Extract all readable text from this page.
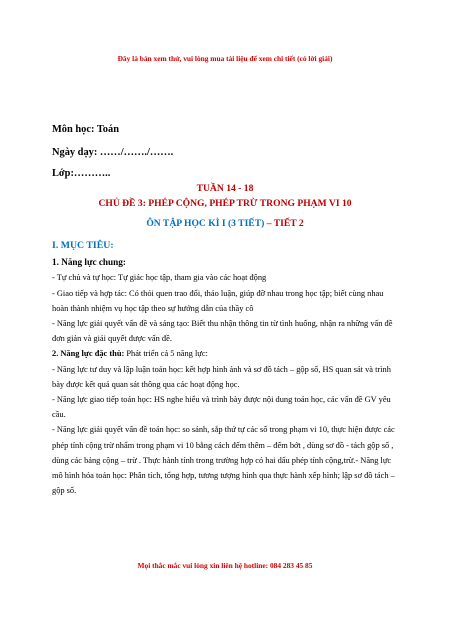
Đây là bản xem thử, vui lòng mua tài liệu để xem chi tiết (có lời giải)
Môn học: Toán
Ngày dạy: ……/……./…….
Lớp:………..
TUẦN 14 - 18
CHỦ ĐỀ 3: PHÉP CỘNG, PHÉP TRỪ TRONG PHẠM VI 10
ÔN TẬP HỌC KÌ I (3 TIẾT) – TIẾT 2

I. MỤC TIÊU:

1. Năng lực chung:

- Tự chủ và tự học: Tự giác học tập, tham gia vào các hoạt động

- Giao tiếp và hợp tác: Có thói quen trao đổi, thảo luận, giúp đỡ nhau trong học tập; biết cùng nhau hoàn thành nhiệm vụ học tập theo sự hướng dẫn của thầy cô

- Năng lực giải quyết vấn đề và sáng tạo: Biết thu nhận thông tin từ tình huống, nhận ra những vấn đề đơn giản và giải quyết được vấn đề.

2. Năng lực đặc thù: Phát triển cả 5 năng lực:

- Năng lực tư duy và lập luận toán học: kết hợp hình ảnh và sơ đồ tách – gộp số, HS quan sát và trình bày được kết quả quan sát thông qua các hoạt động học.

- Năng lực giao tiếp toán học: HS nghe hiểu và trình bày được nội dung toán học, các vấn đề GV yêu cầu.

- Năng lực giải quyết vấn đề toán học: so sánh, sắp thứ tự các số trong phạm vi 10, thực hiện được các phép tính cộng trừ nhẩm trong phạm vi 10 bằng cách đếm thêm – đếm bớt , dùng sơ đồ - tách gộp số , dùng các bảng cộng – trừ . Thực hành tính trong trường hợp có hai dấu phép tính cộng,trừ.- Năng lực mô hình hóa toán học: Phân tích, tổng hợp, tương tượng hình qua thực hành xếp hình; lập sơ đồ tách – gộp số.

Mọi thắc mắc vui lòng xin liên hệ hotline: 084 283 45 85
